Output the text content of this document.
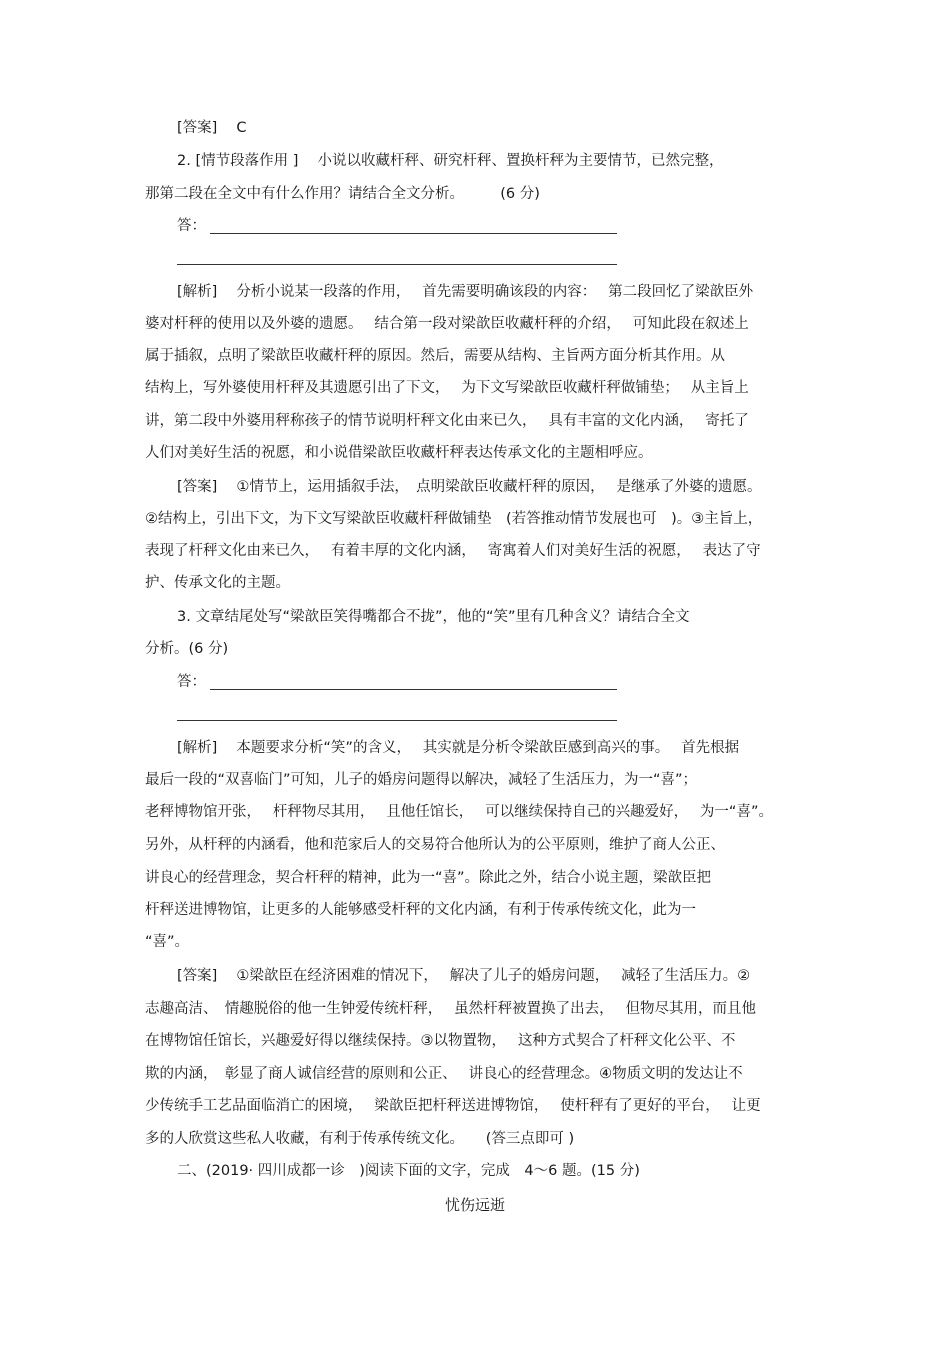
[答案]　 C
2. [情节段落作用 ]　 小说以收藏杆秤、研究杆秤、置换杆秤为主要情节，已然完整，
那第二段在全文中有什么作用？请结合全文分析。　　　(6 分)
答：
[解析]　 分析小说某一段落的作用，　 首先需要明确该段的内容：　 第二段回忆了梁歆臣外
婆对杆秤的使用以及外婆的遗愿。　 结合第一段对梁歆臣收藏杆秤的介绍，　 可知此段在叙述上
属于插叙，点明了梁歆臣收藏杆秤的原因。然后，需要从结构、主旨两方面分析其作用。从
结构上，写外婆使用杆秤及其遗愿引出了下文，　 为下文写梁歆臣收藏杆秤做铺垫；　 从主旨上
讲，第二段中外婆用秤称孩子的情节说明杆秤文化由来已久，　 具有丰富的文化内涵，　 寄托了
人们对美好生活的祝愿，和小说借梁歆臣收藏杆秤表达传承文化的主题相呼应。
[答案]　 ①情节上，运用插叙手法，　点明梁歆臣收藏杆秤的原因，　 是继承了外婆的遗愿。
②结构上，引出下文，为下文写梁歆臣收藏杆秤做铺垫　(若答推动情节发展也可　)。③主旨上，
表现了杆秤文化由来已久，　 有着丰厚的文化内涵，　 寄寓着人们对美好生活的祝愿，　 表达了守
护、传承文化的主题。
3. 文章结尾处写“梁歆臣笑得嘴都合不拢”，他的“笑”里有几种含义？请结合全文
分析。(6 分)
答：
[解析]　 本题要求分析“笑”的含义，　 其实就是分析令梁歆臣感到高兴的事。　 首先根据
最后一段的“双喜临门”可知，儿子的婚房问题得以解决，减轻了生活压力，为一“喜”；
老秤博物馆开张，　 杆秤物尽其用，　 且他任馆长，　 可以继续保持自己的兴趣爱好，　 为一“喜”。
另外，从杆秤的内涵看，他和范家后人的交易符合他所认为的公平原则，维护了商人公正、
讲良心的经营理念，契合杆秤的精神，此为一“喜”。除此之外，结合小说主题，梁歆臣把
杆秤送进博物馆，让更多的人能够感受杆秤的文化内涵，有利于传承传统文化，此为一
“喜”。
[答案]　 ①梁歆臣在经济困难的情况下，　 解决了儿子的婚房问题，　 减轻了生活压力。②
志趣高洁、　情趣脱俗的他一生钟爱传统杆秤，　 虽然杆秤被置换了出去，　 但物尽其用，而且他
在博物馆任馆长，兴趣爱好得以继续保持。③以物置物，　 这种方式契合了杆秤文化公平、不
欺的内涵，　彰显了商人诚信经营的原则和公正、　 讲良心的经营理念。④物质文明的发达让不
少传统手工艺品面临消亡的困境，　 梁歆臣把杆秤送进博物馆，　 使杆秤有了更好的平台，　 让更
多的人欣赏这些私人收藏，有利于传承传统文化。　　(答三点即可 )
二、(2019· 四川成都一诊　)阅读下面的文字，完成　4～6 题。(15 分)
忧伤远逝
